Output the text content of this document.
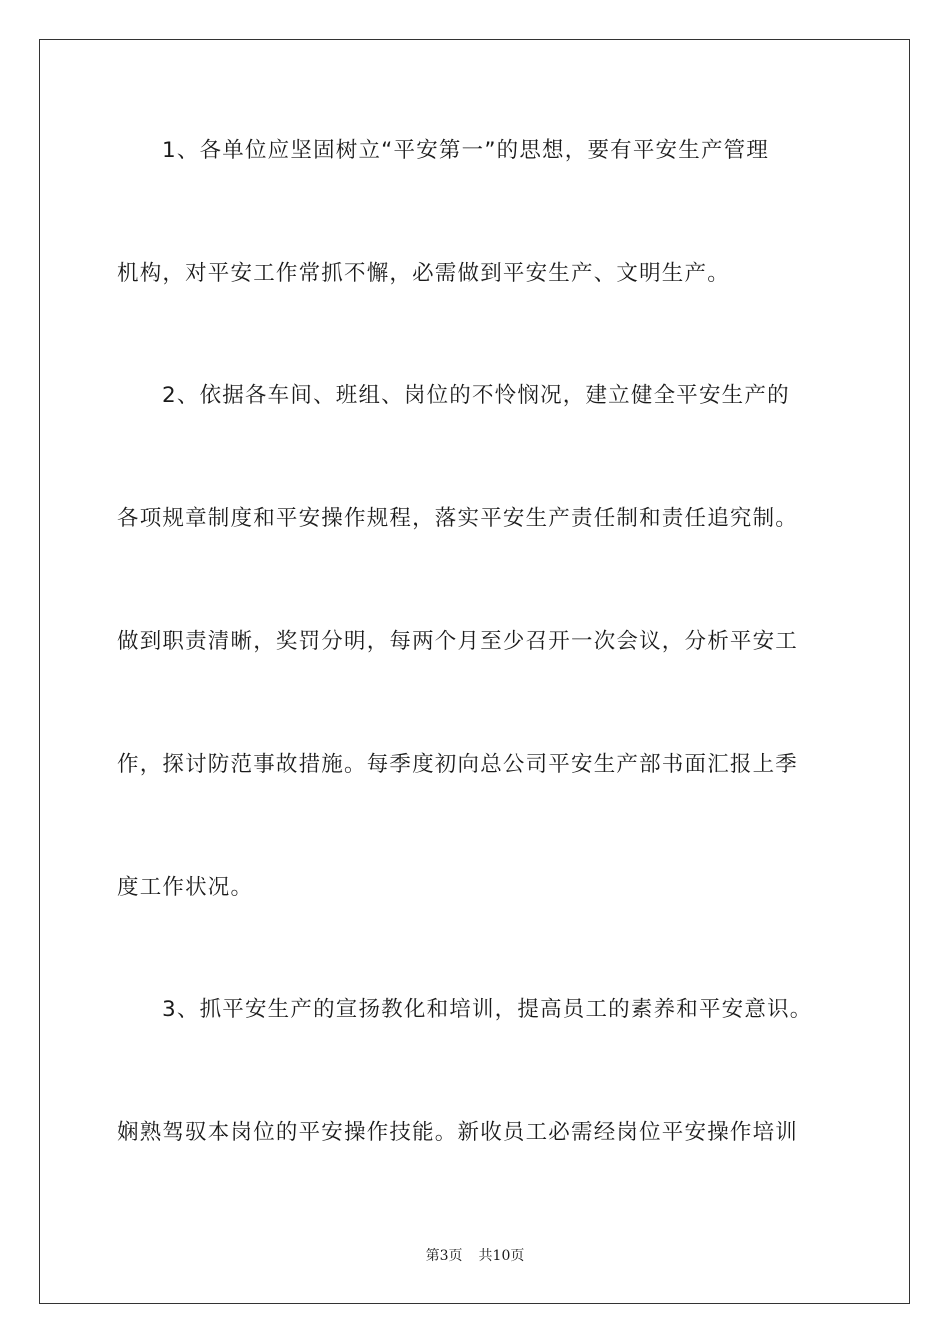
1、各单位应坚固树立“平安第一”的思想，要有平安生产管理
机构，对平安工作常抓不懈，必需做到平安生产、文明生产。
2、依据各车间、班组、岗位的不怜悯况，建立健全平安生产的
各项规章制度和平安操作规程，落实平安生产责任制和责任追究制。
做到职责清晰，奖罚分明，每两个月至少召开一次会议，分析平安工
作，探讨防范事故措施。每季度初向总公司平安生产部书面汇报上季
度工作状况。
3、抓平安生产的宣扬教化和培训，提高员工的素养和平安意识。
娴熟驾驭本岗位的平安操作技能。新收员工必需经岗位平安操作培训
第3页 共10页
